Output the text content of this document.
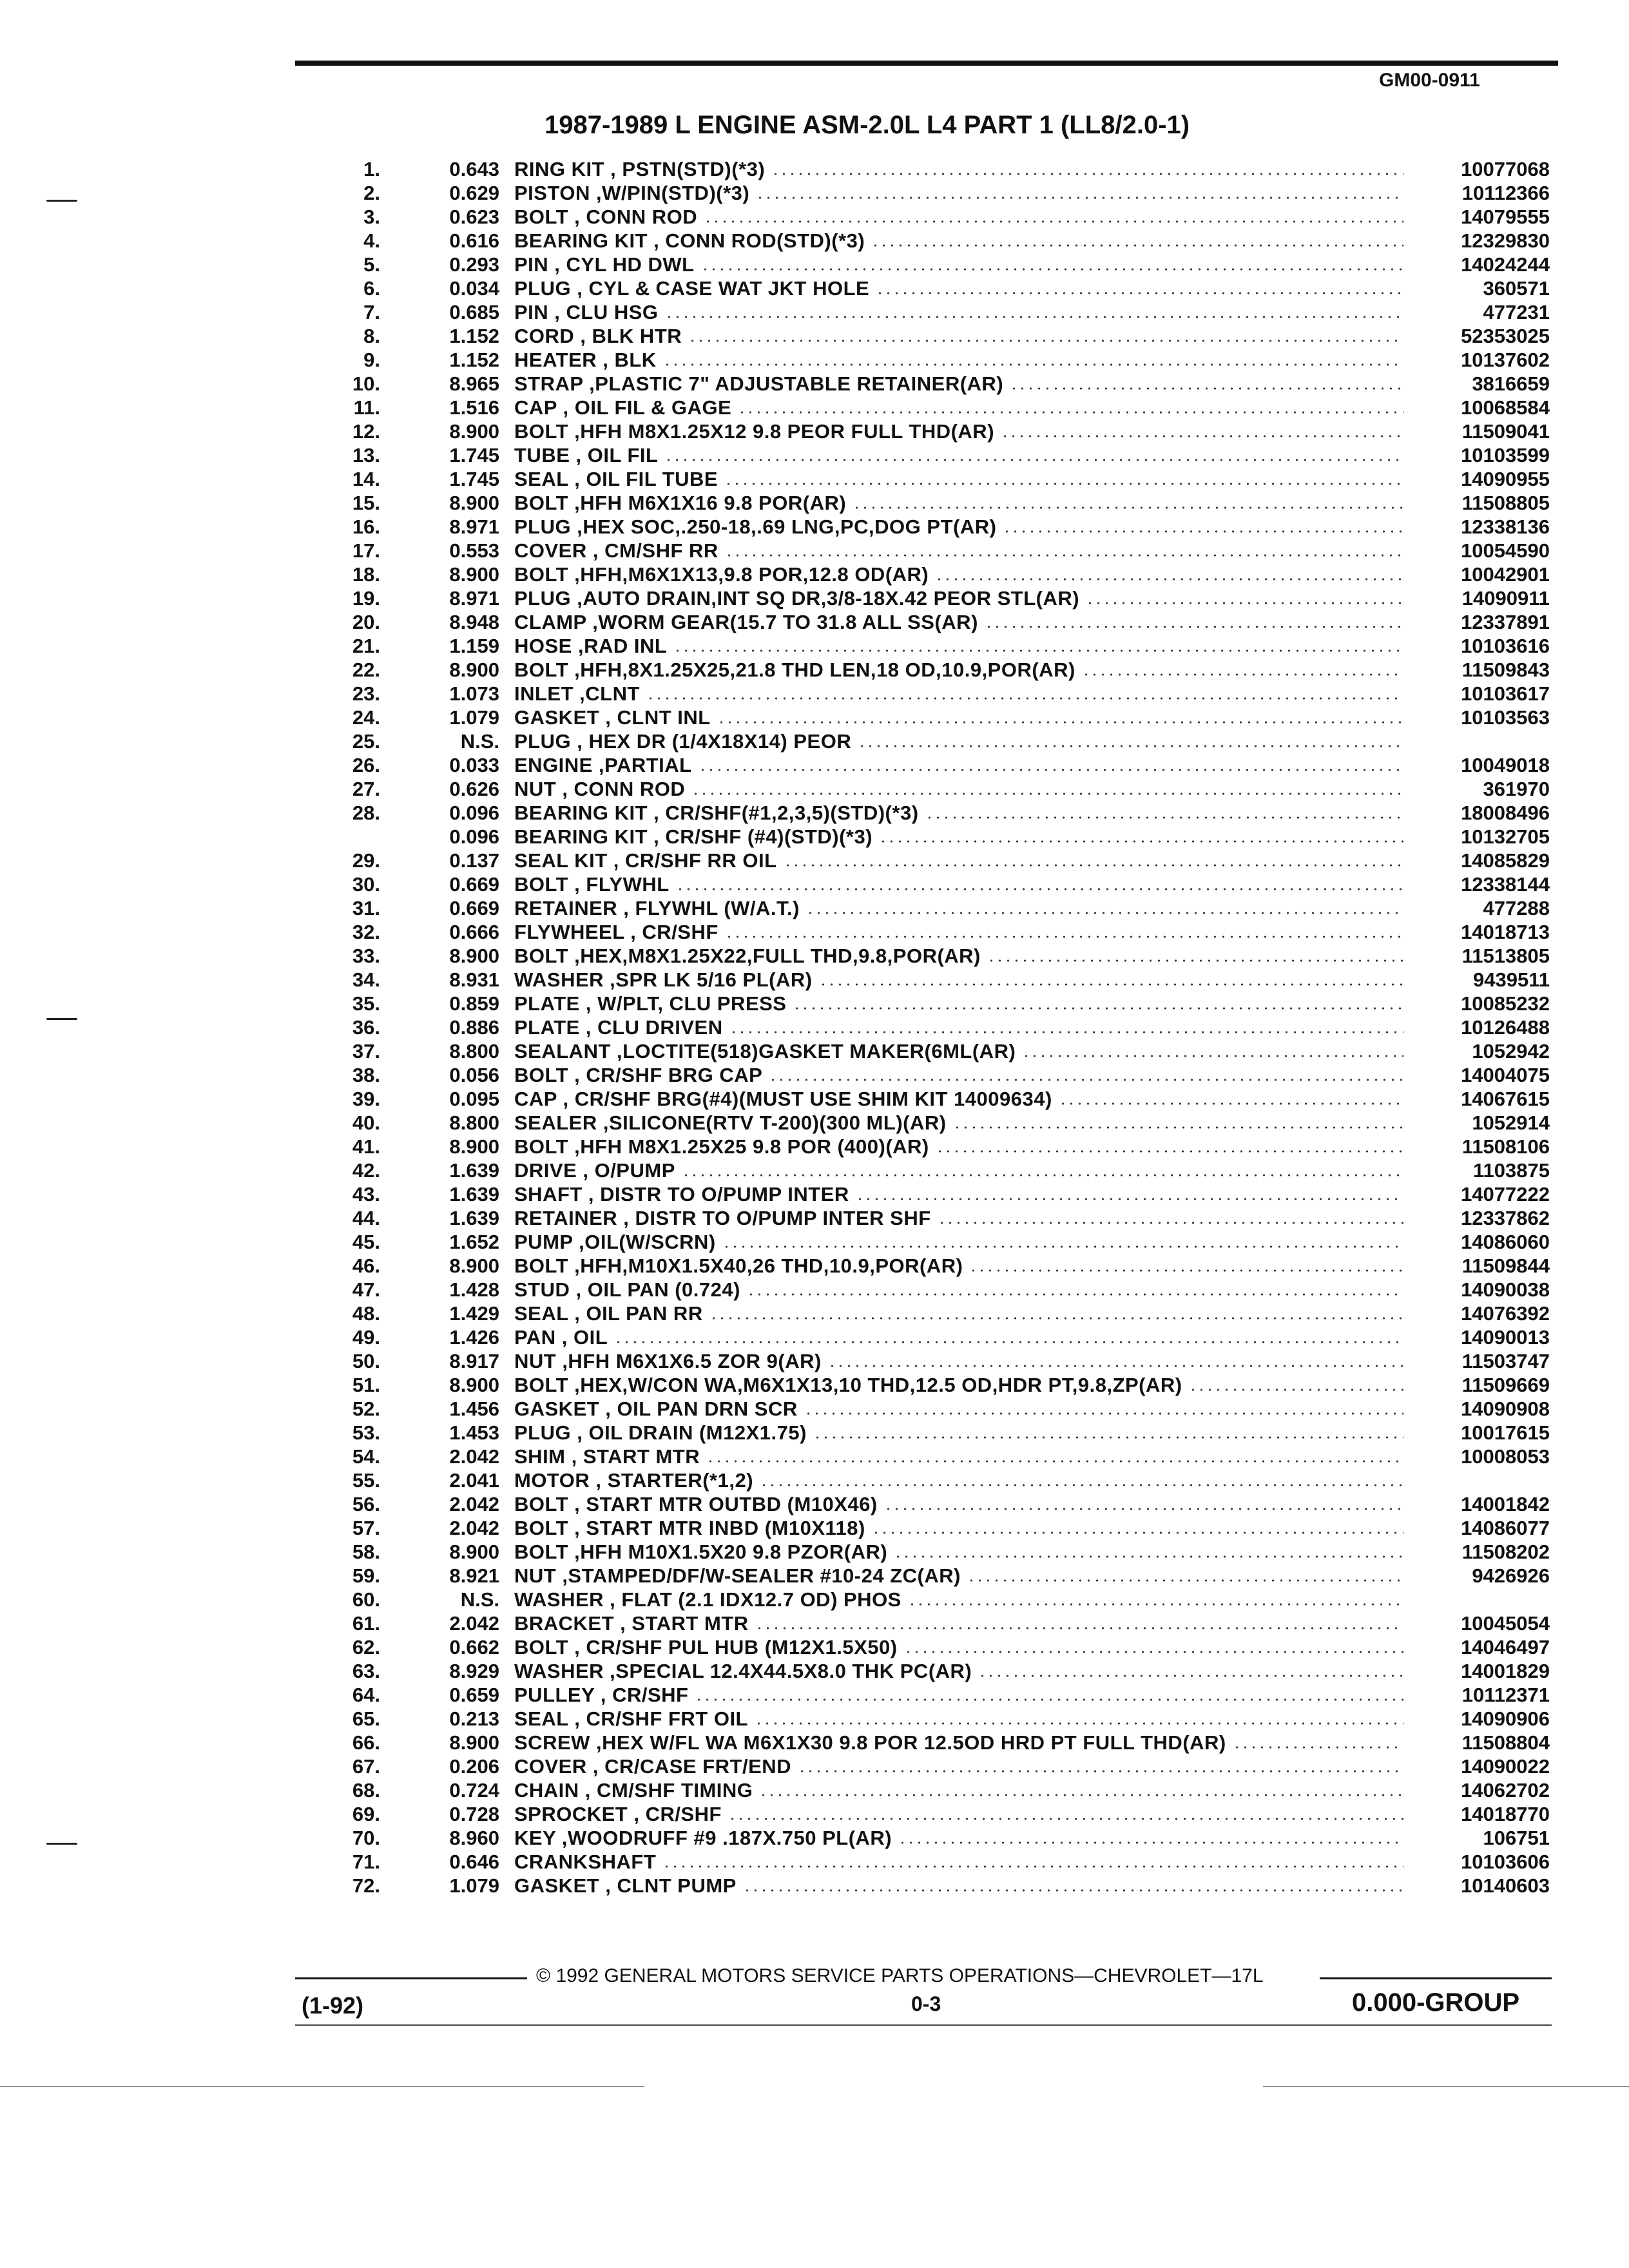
GM00-0911
1987-1989 L ENGINE ASM-2.0L L4 PART 1 (LL8/2.0-1)
1.	0.643 RING KIT , PSTN(STD)(*3)	10077068
2.	0.629 PISTON ,W/PIN(STD)(*3)	10112366
3.	0.623 BOLT , CONN ROD	14079555
4.	0.616 BEARING KIT , CONN ROD(STD)(*3)	12329830
5.	0.293 PIN , CYL HD DWL	14024244
6.	0.034 PLUG , CYL & CASE WAT JKT HOLE	360571
7.	0.685 PIN , CLU HSG	477231
8.	1.152 CORD , BLK HTR	52353025
9.	1.152 HEATER , BLK	10137602
10.	8.965 STRAP ,PLASTIC 7" ADJUSTABLE RETAINER(AR)	3816659
11.	1.516 CAP , OIL FIL & GAGE	10068584
12.	8.900 BOLT ,HFH M8X1.25X12 9.8 PEOR FULL THD(AR)	11509041
13.	1.745 TUBE , OIL FIL	10103599
14.	1.745 SEAL , OIL FIL TUBE	14090955
15.	8.900 BOLT ,HFH M6X1X16 9.8 POR(AR)	11508805
16.	8.971 PLUG ,HEX SOC,.250-18,.69 LNG,PC,DOG PT(AR)	12338136
17.	0.553 COVER , CM/SHF RR	10054590
18.	8.900 BOLT ,HFH,M6X1X13,9.8 POR,12.8 OD(AR)	10042901
19.	8.971 PLUG ,AUTO DRAIN,INT SQ DR,3/8-18X.42 PEOR STL(AR)	14090911
20.	8.948 CLAMP ,WORM GEAR(15.7 TO 31.8 ALL SS(AR)	12337891
21.	1.159 HOSE ,RAD INL	10103616
22.	8.900 BOLT ,HFH,8X1.25X25,21.8 THD LEN,18 OD,10.9,POR(AR)	11509843
23.	1.073 INLET ,CLNT	10103617
24.	1.079 GASKET , CLNT INL	10103563
25.	N.S. PLUG , HEX DR (1/4X18X14) PEOR
26.	0.033 ENGINE ,PARTIAL	10049018
27.	0.626 NUT , CONN ROD	361970
28.	0.096 BEARING KIT , CR/SHF(#1,2,3,5)(STD)(*3)	18008496
0.096 BEARING KIT , CR/SHF (#4)(STD)(*3)	10132705
29.	0.137 SEAL KIT , CR/SHF RR OIL	14085829
30.	0.669 BOLT , FLYWHL	12338144
31.	0.669 RETAINER , FLYWHL (W/A.T.)	477288
32.	0.666 FLYWHEEL , CR/SHF	14018713
33.	8.900 BOLT ,HEX,M8X1.25X22,FULL THD,9.8,POR(AR)	11513805
34.	8.931 WASHER ,SPR LK 5/16 PL(AR)	9439511
35.	0.859 PLATE , W/PLT, CLU PRESS	10085232
36.	0.886 PLATE , CLU DRIVEN	10126488
37.	8.800 SEALANT ,LOCTITE(518)GASKET MAKER(6ML(AR)	1052942
38.	0.056 BOLT , CR/SHF BRG CAP	14004075
39.	0.095 CAP , CR/SHF BRG(#4)(MUST USE SHIM KIT 14009634)	14067615
40.	8.800 SEALER ,SILICONE(RTV T-200)(300 ML)(AR)	1052914
41.	8.900 BOLT ,HFH M8X1.25X25 9.8 POR (400)(AR)	11508106
42.	1.639 DRIVE , O/PUMP	1103875
43.	1.639 SHAFT , DISTR TO O/PUMP INTER	14077222
44.	1.639 RETAINER , DISTR TO O/PUMP INTER SHF	12337862
45.	1.652 PUMP ,OIL(W/SCRN)	14086060
46.	8.900 BOLT ,HFH,M10X1.5X40,26 THD,10.9,POR(AR)	11509844
47.	1.428 STUD , OIL PAN (0.724)	14090038
48.	1.429 SEAL , OIL PAN RR	14076392
49.	1.426 PAN , OIL	14090013
50.	8.917 NUT ,HFH M6X1X6.5 ZOR 9(AR)	11503747
51.	8.900 BOLT ,HEX,W/CON WA,M6X1X13,10 THD,12.5 OD,HDR PT,9.8,ZP(AR)	11509669
52.	1.456 GASKET , OIL PAN DRN SCR	14090908
53.	1.453 PLUG , OIL DRAIN (M12X1.75)	10017615
54.	2.042 SHIM , START MTR	10008053
55.	2.041 MOTOR , STARTER(*1,2)
56.	2.042 BOLT , START MTR OUTBD (M10X46)	14001842
57.	2.042 BOLT , START MTR INBD (M10X118)	14086077
58.	8.900 BOLT ,HFH M10X1.5X20 9.8 PZOR(AR)	11508202
59.	8.921 NUT ,STAMPED/DF/W-SEALER #10-24 ZC(AR)	9426926
60.	N.S. WASHER , FLAT (2.1 IDX12.7 OD) PHOS
61.	2.042 BRACKET , START MTR	10045054
62.	0.662 BOLT , CR/SHF PUL HUB (M12X1.5X50)	14046497
63.	8.929 WASHER ,SPECIAL 12.4X44.5X8.0 THK PC(AR)	14001829
64.	0.659 PULLEY , CR/SHF	10112371
65.	0.213 SEAL , CR/SHF FRT OIL	14090906
66.	8.900 SCREW ,HEX W/FL WA M6X1X30 9.8 POR 12.5OD HRD PT FULL THD(AR)	11508804
67.	0.206 COVER , CR/CASE FRT/END	14090022
68.	0.724 CHAIN , CM/SHF TIMING	14062702
69.	0.728 SPROCKET , CR/SHF	14018770
70.	8.960 KEY ,WOODRUFF #9 .187X.750 PL(AR)	106751
71.	0.646 CRANKSHAFT	10103606
72.	1.079 GASKET , CLNT PUMP	10140603
© 1992 GENERAL MOTORS SERVICE PARTS OPERATIONS—CHEVROLET—17L
(1-92)	0-3	0.000-GROUP
